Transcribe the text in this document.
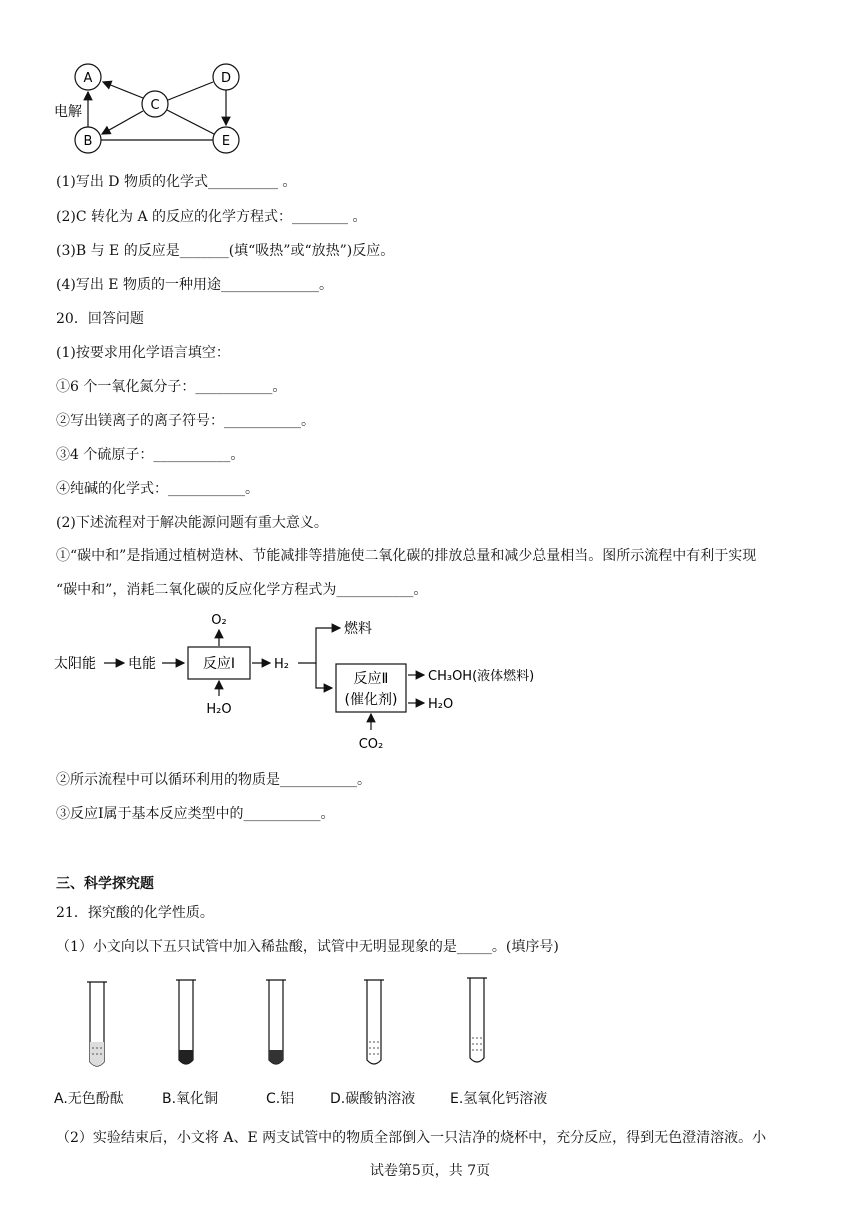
A
B
C
D
E
电解
(1)写出 D 物质的化学式__________ 。
(2)C 转化为 A 的反应的化学方程式：________ 。
(3)B 与 E 的反应是_______(填“吸热”或“放热”)反应。
(4)写出 E 物质的一种用途______________。
20．回答问题
(1)按要求用化学语言填空：
①6 个一氧化氮分子：___________。
②写出镁离子的离子符号：___________。
③4 个硫原子：___________。
④纯碱的化学式：___________。
(2)下述流程对于解决能源问题有重大意义。
①“碳中和”是指通过植树造林、节能减排等措施使二氧化碳的排放总量和减少总量相当。图所示流程中有利于实现
“碳中和”，消耗二氧化碳的反应化学方程式为___________。
太阳能 电能	反应Ⅰ
O₂
H₂O
H₂
燃料
反应Ⅱ
(催化剂)
CH₃OH(液体燃料)
H₂O
CO₂
②所示流程中可以循环利用的物质是___________。
③反应Ⅰ属于基本反应类型中的___________。
三、科学探究题
21．探究酸的化学性质。
（1）小文向以下五只试管中加入稀盐酸，试管中无明显现象的是_____。(填序号)
A.无色酚酞	B.氧化铜	C.铝	D.碳酸钠溶液 E.氢氧化钙溶液
（2）实验结束后，小文将 A、E 两支试管中的物质全部倒入一只洁净的烧杯中，充分反应，得到无色澄清溶液。小
试卷第5页，共 7页
